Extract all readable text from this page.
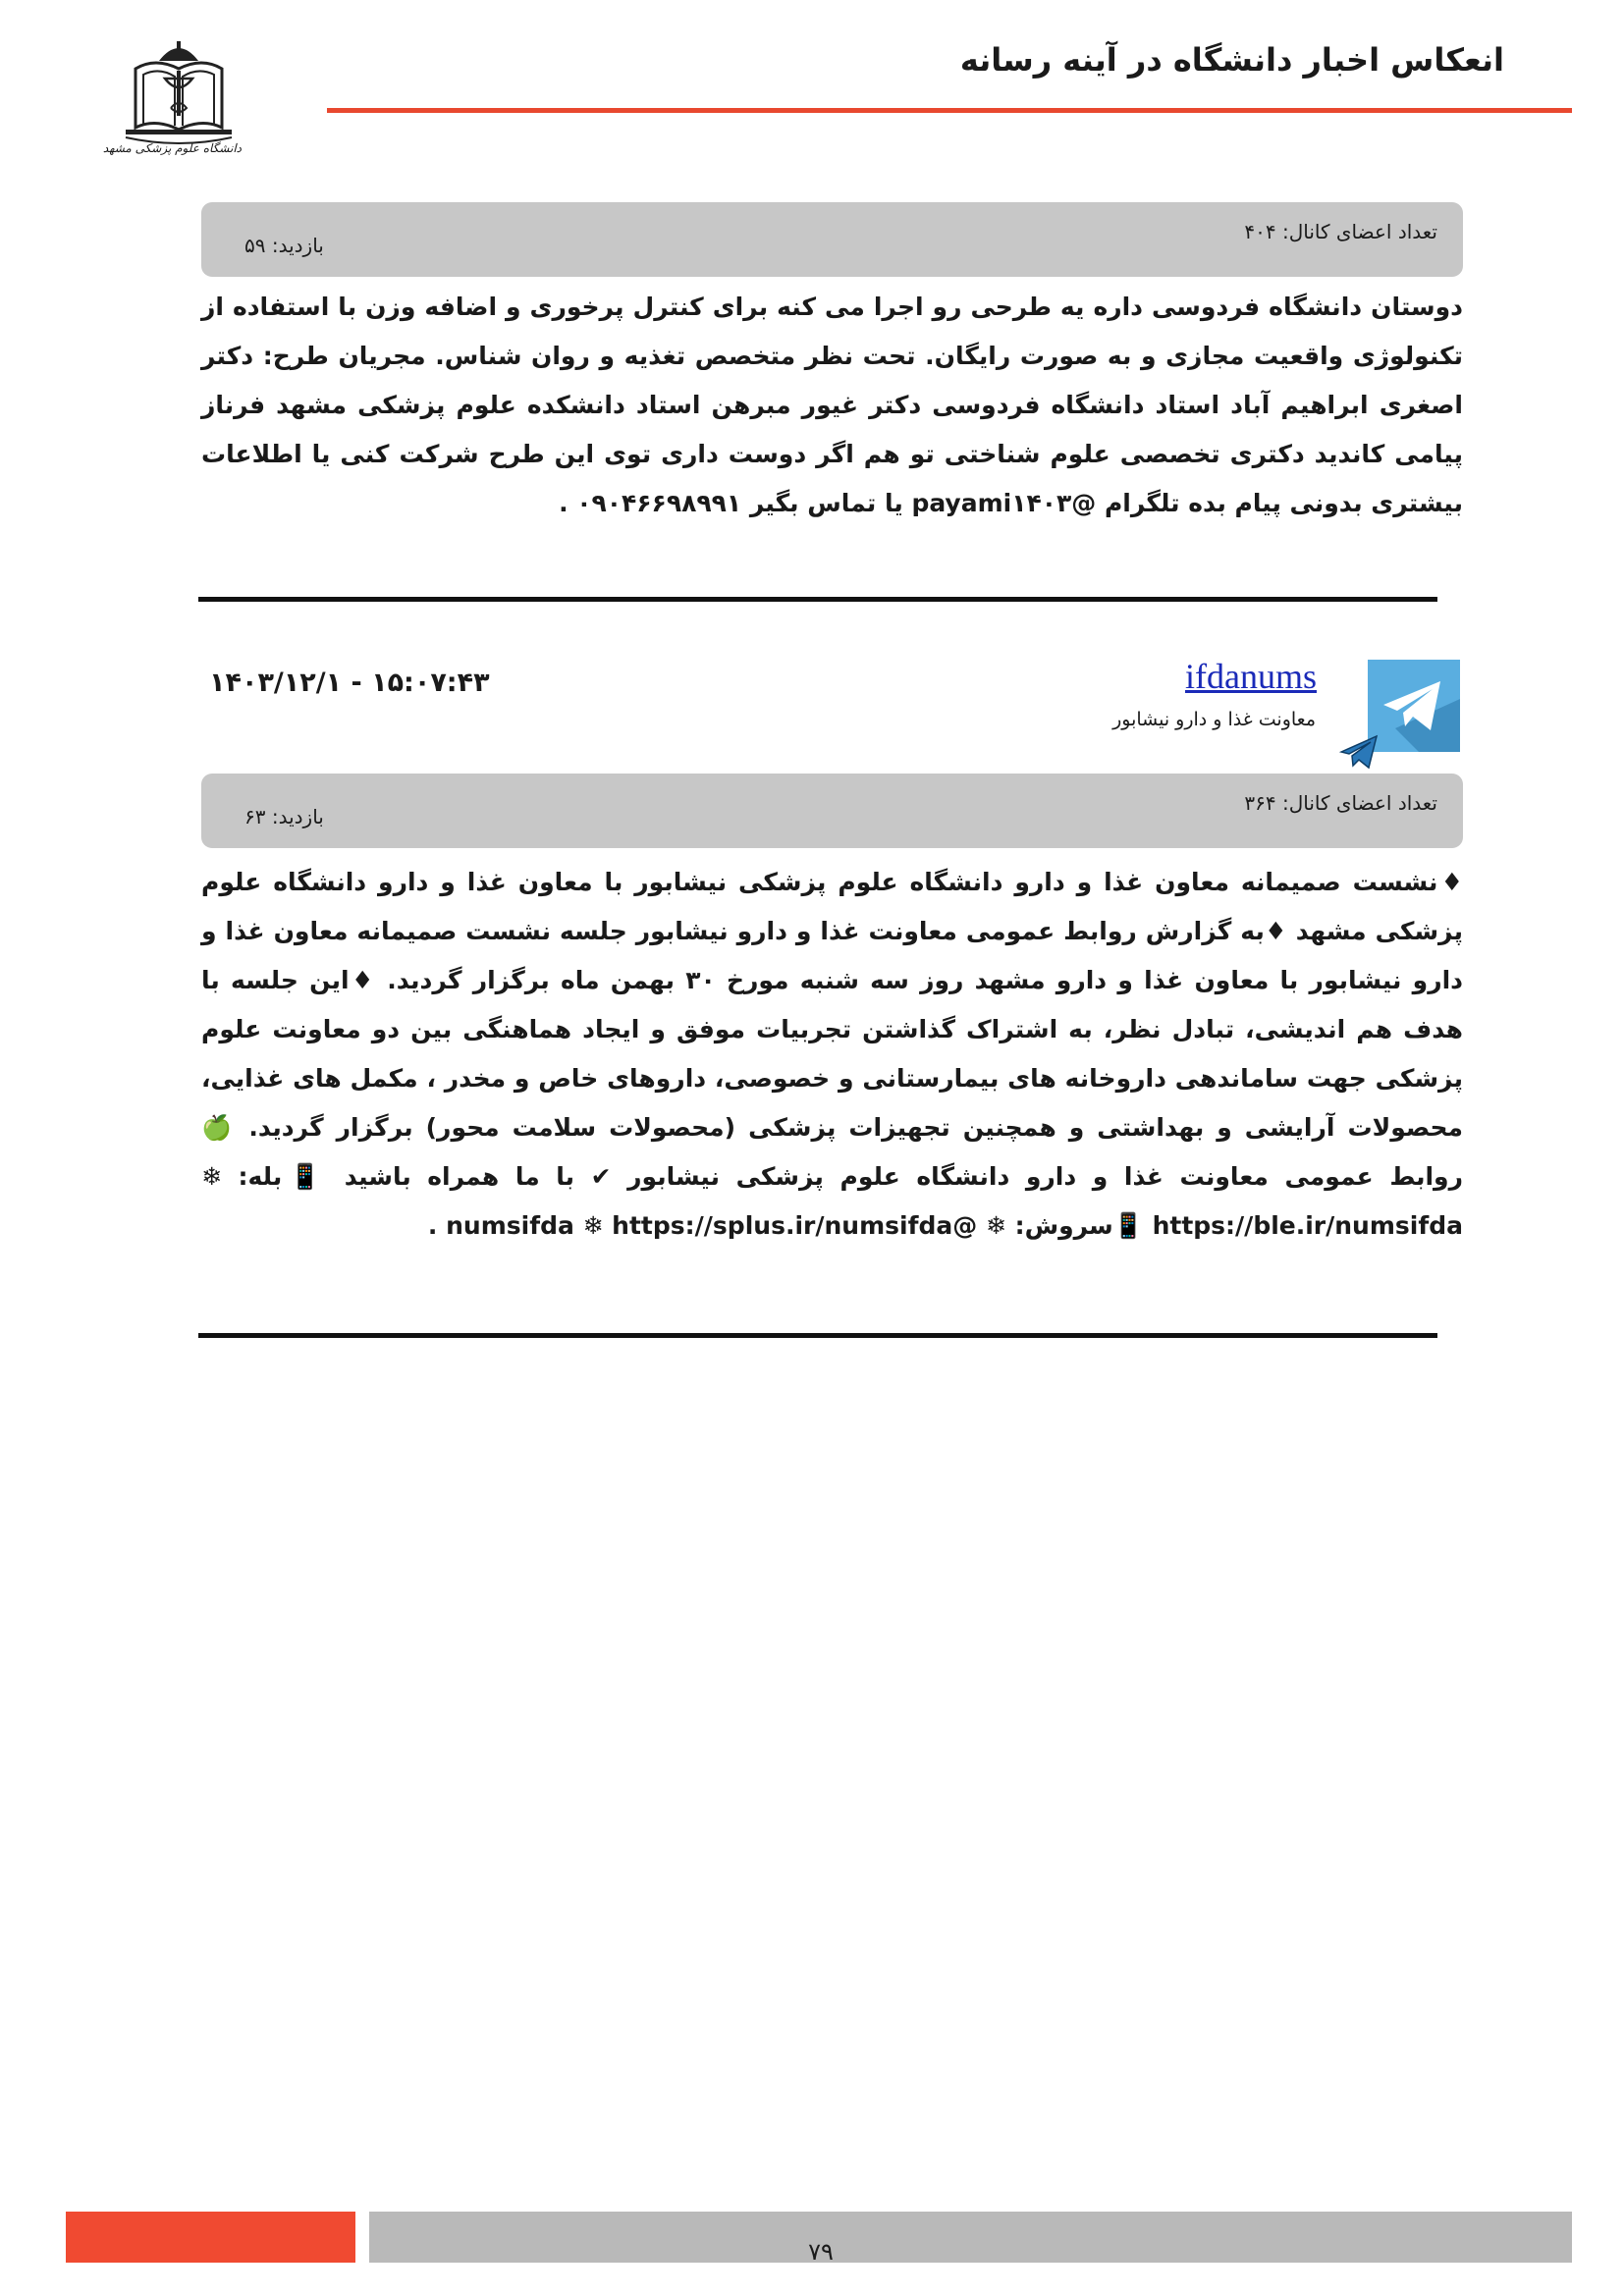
دانشگاه علوم پزشکی مشهد
انعکاس اخبار دانشگاه در آینه رسانه
تعداد اعضای کانال: ۴۰۴
بازدید: ۵۹

دوستان دانشگاه فردوسی داره یه طرحی رو اجرا می کنه برای کنترل پرخوری و اضافه وزن با استفاده از تکنولوژی واقعیت مجازی و به صورت رایگان. تحت نظر متخصص تغذیه و روان شناس. مجریان طرح: دکتر اصغری ابراهیم آباد استاد دانشگاه فردوسی دکتر غیور مبرهن استاد دانشکده علوم پزشکی مشهد فرناز پیامی کاندید دکتری تخصصی علوم شناختی تو هم اگر دوست داری توی این طرح شرکت کنی یا اطلاعات بیشتری بدونی پیام بده تلگرام @payami۱۴۰۳ یا تماس بگیر ۰۹۰۴۶۶۹۸۹۹۱ .

ifdanums
معاونت غذا و دارو نیشابور
۱۴۰۳/۱۲/۱ - ۱۵:۰۷:۴۳
تعداد اعضای کانال: ۳۶۴
بازدید: ۶۳

♦نشست صمیمانه معاون غذا و دارو دانشگاه علوم پزشکی نیشابور با معاون غذا و دارو دانشگاه علوم پزشکی مشهد ♦به گزارش روابط عمومی معاونت غذا و دارو نیشابور جلسه نشست صمیمانه معاون غذا و دارو نیشابور با معاون غذا و دارو مشهد روز سه شنبه مورخ ۳۰ بهمن ماه برگزار گردید. ♦این جلسه با هدف هم اندیشی، تبادل نظر، به اشتراک گذاشتن تجربیات موفق و ایجاد هماهنگی بین دو معاونت علوم پزشکی جهت ساماندهی داروخانه های بیمارستانی و خصوصی، داروهای خاص و مخدر ، مکمل های غذایی، محصولات آرایشی و بهداشتی و همچنین تجهیزات پزشکی (محصولات سلامت محور) برگزار گردید. 🍏 روابط عمومی معاونت غذا و دارو دانشگاه علوم پزشکی نیشابور ✔ با ما همراه باشید 📱بله: ❄ https://ble.ir/numsifda 📱سروش: ❄ @numsifda ❄ https://splus.ir/numsifda .

۷۹
